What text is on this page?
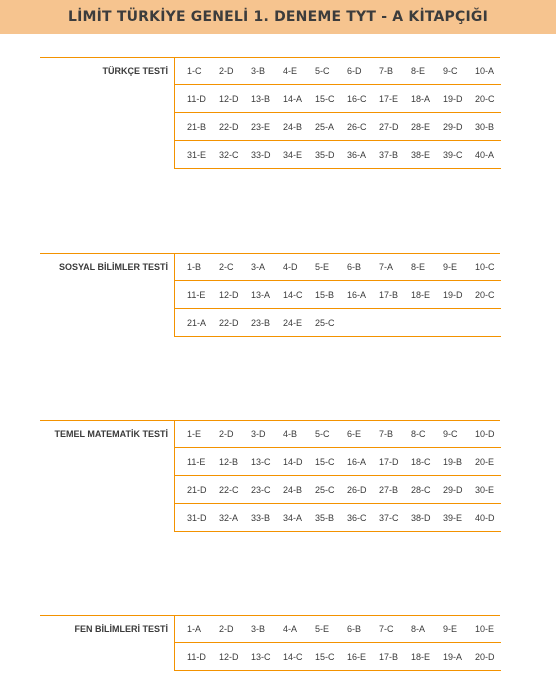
LİMİT TÜRKİYE GENELİ 1. DENEME TYT - A KİTAPÇIĞI
TÜRKÇE TESTİ 1-C	2-D	3-B	4-E	5-C	6-D	7-B	8-E	9-C	10-A
11-D	12-D	13-B	14-A	15-C	16-C	17-E	18-A	19-D	20-C
21-B	22-D	23-E	24-B	25-A	26-C	27-D	28-E	29-D	30-B
31-E	32-C	33-D	34-E	35-D	36-A	37-B	38-E	39-C	40-A
SOSYAL BİLİMLER TESTİ 1-B	2-C	3-A	4-D	5-E	6-B	7-A	8-E	9-E	10-C
11-E	12-D	13-A	14-C	15-B	16-A	17-B	18-E	19-D	20-C
21-A	22-D	23-B	24-E	25-C
TEMEL MATEMATİK TESTİ 1-E	2-D	3-D	4-B	5-C	6-E	7-B	8-C	9-C	10-D
11-E	12-B	13-C	14-D	15-C	16-A	17-D	18-C	19-B	20-E
21-D	22-C	23-C	24-B	25-C	26-D	27-B	28-C	29-D	30-E
31-D	32-A	33-B	34-A	35-B	36-C	37-C	38-D	39-E	40-D
FEN BİLİMLERİ TESTİ 1-A	2-D	3-B	4-A	5-E	6-B	7-C	8-A	9-E	10-E
11-D	12-D	13-C	14-C	15-C	16-E	17-B	18-E	19-A	20-D
